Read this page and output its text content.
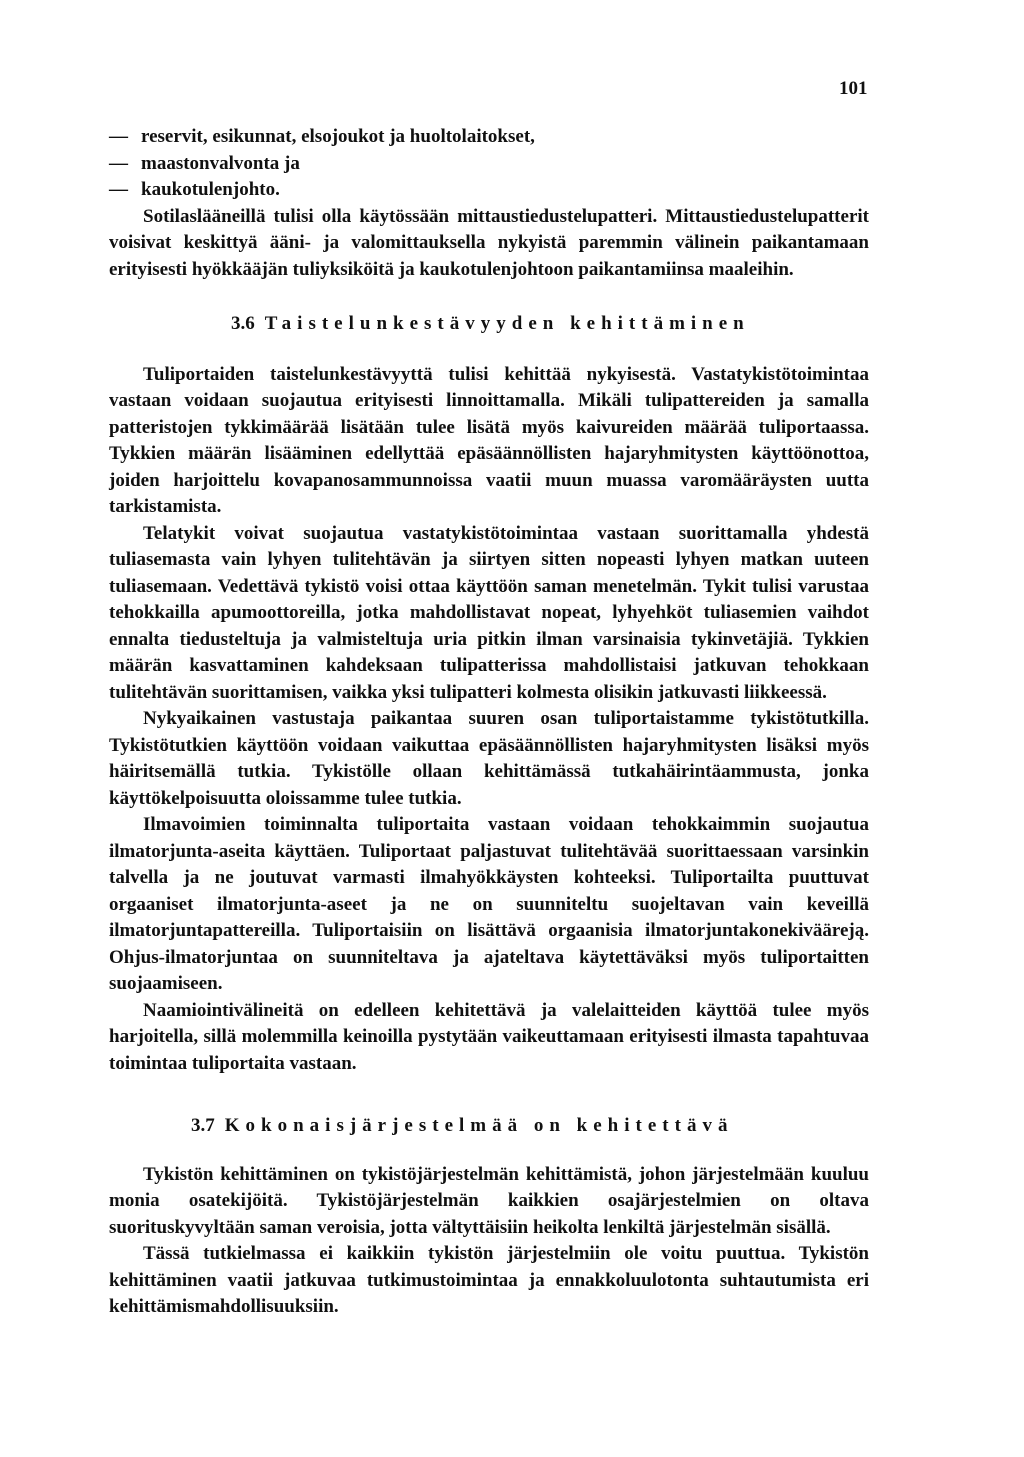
101
— reservit, esikunnat, elsojoukot ja huoltolaitokset,
— maastonvalvonta ja
— kaukotulenjohto.

Sotilaslääneillä tulisi olla käytössään mittaustiedustelupatteri. Mittaustiedustelupatterit voisivat keskittyä ääni- ja valomittauksella nykyistä paremmin välinein paikantamaan erityisesti hyökkääjän tuliyksiköitä ja kaukotulenjohtoon paikantamiinsa maaleihin.

3.6 Taistelunkestävyyden kehittäminen

Tuliportaiden taistelunkestävyyttä tulisi kehittää nykyisestä. Vastatykistötoimintaa vastaan voidaan suojautua erityisesti linnoittamalla. Mikäli tulipattereiden ja samalla patteristojen tykkimäärää lisätään tulee lisätä myös kaivureiden määrää tuliportaassa. Tykkien määrän lisääminen edellyttää epäsäännöllisten hajaryhmitysten käyttöönottoa, joiden harjoittelu kovapanosammunnoissa vaatii muun muassa varomääräysten uutta tarkistamista.

Telatykit voivat suojautua vastatykistötoimintaa vastaan suorittamalla yhdestä tuliasemasta vain lyhyen tulitehtävän ja siirtyen sitten nopeasti lyhyen matkan uuteen tuliasemaan. Vedettävä tykistö voisi ottaa käyttöön saman menetelmän. Tykit tulisi varustaa tehokkailla apumoottoreilla, jotka mahdollistavat nopeat, lyhyehköt tuliasemien vaihdot ennalta tiedusteltuja ja valmisteltuja uria pitkin ilman varsinaisia tykinvetäjiä. Tykkien määrän kasvattaminen kahdeksaan tulipatterissa mahdollistaisi jatkuvan tehokkaan tulitehtävän suorittamisen, vaikka yksi tulipatteri kolmesta olisikin jatkuvasti liikkeessä.

Nykyaikainen vastustaja paikantaa suuren osan tuliportaistamme tykistötutkilla. Tykistötutkien käyttöön voidaan vaikuttaa epäsäännöllisten hajaryhmitysten lisäksi myös häiritsemällä tutkia. Tykistölle ollaan kehittämässä tutkahäirintäammusta, jonka käyttökelpoisuutta oloissamme tulee tutkia.

Ilmavoimien toiminnalta tuliportaita vastaan voidaan tehokkaimmin suojautua ilmatorjunta-aseita käyttäen. Tuliportaat paljastuvat tulitehtävää suorittaessaan varsinkin talvella ja ne joutuvat varmasti ilmahyökkäysten kohteeksi. Tuliportailta puuttuvat orgaaniset ilmatorjunta-aseet ja ne on suunniteltu suojeltavan vain keveillä ilmatorjuntapattereilla. Tuliportaisiin on lisättävä orgaanisia ilmatorjuntakonekivääreją. Ohjus-ilmatorjuntaa on suunniteltava ja ajateltava käytettäväksi myös tuliportaitten suojaamiseen.

Naamiointivälineitä on edelleen kehitettävä ja valelaitteiden käyttöä tulee myös harjoitella, sillä molemmilla keinoilla pystytään vaikeuttamaan erityisesti ilmasta tapahtuvaa toimintaa tuliportaita vastaan.

3.7 Kokonaisjärjestelmää on kehitettävä

Tykistön kehittäminen on tykistöjärjestelmän kehittämistä, johon järjestelmään kuuluu monia osatekijöitä. Tykistöjärjestelmän kaikkien osajärjestelmien on oltava suorituskyvyltään saman veroisia, jotta vältyttäisiin heikolta lenkiltä järjestelmän sisällä.

Tässä tutkielmassa ei kaikkiin tykistön järjestelmiin ole voitu puuttua. Tykistön kehittäminen vaatii jatkuvaa tutkimustoimintaa ja ennakkoluulotonta suhtautumista eri kehittämismahdollisuuksiin.
